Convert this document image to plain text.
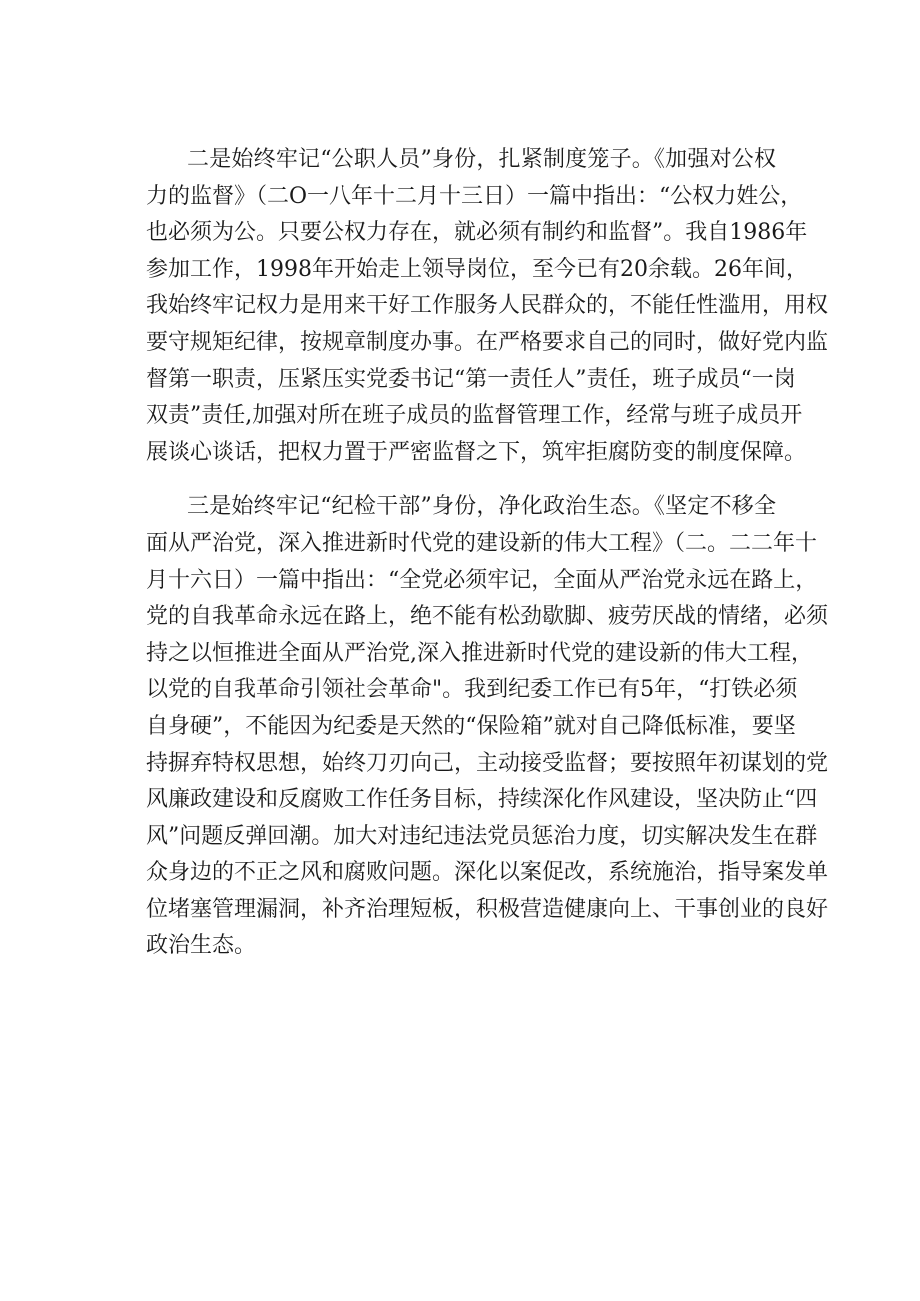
二是始终牢记“公职人员”身份，扎紧制度笼子。《加强对公权
力的监督》（二O一八年十二月十三日）一篇中指出：“公权力姓公，
也必须为公。只要公权力存在，就必须有制约和监督”。我自1986年
参加工作，1998年开始走上领导岗位，至今已有20余载。26年间，
我始终牢记权力是用来干好工作服务人民群众的，不能任性滥用，用权
要守规矩纪律，按规章制度办事。在严格要求自己的同时，做好党内监
督第一职责，压紧压实党委书记“第一责任人”责任，班子成员“一岗
双责”责任,加强对所在班子成员的监督管理工作，经常与班子成员开
展谈心谈话，把权力置于严密监督之下，筑牢拒腐防变的制度保障。
三是始终牢记“纪检干部”身份，净化政治生态。《坚定不移全
面从严治党，深入推进新时代党的建设新的伟大工程》（二。二二年十
月十六日）一篇中指出：“全党必须牢记，全面从严治党永远在路上，
党的自我革命永远在路上，绝不能有松劲歇脚、疲劳厌战的情绪，必须
持之以恒推进全面从严治党,深入推进新时代党的建设新的伟大工程，
以党的自我革命引领社会革命"。我到纪委工作已有5年，“打铁必须
自身硬”，不能因为纪委是天然的“保险箱”就对自己降低标准，要坚
持摒弃特权思想，始终刀刃向己，主动接受监督；要按照年初谋划的党
风廉政建设和反腐败工作任务目标，持续深化作风建设，坚决防止“四
风”问题反弹回潮。加大对违纪违法党员惩治力度，切实解决发生在群
众身边的不正之风和腐败问题。深化以案促改，系统施治，指导案发单
位堵塞管理漏洞，补齐治理短板，积极营造健康向上、干事创业的良好
政治生态。
